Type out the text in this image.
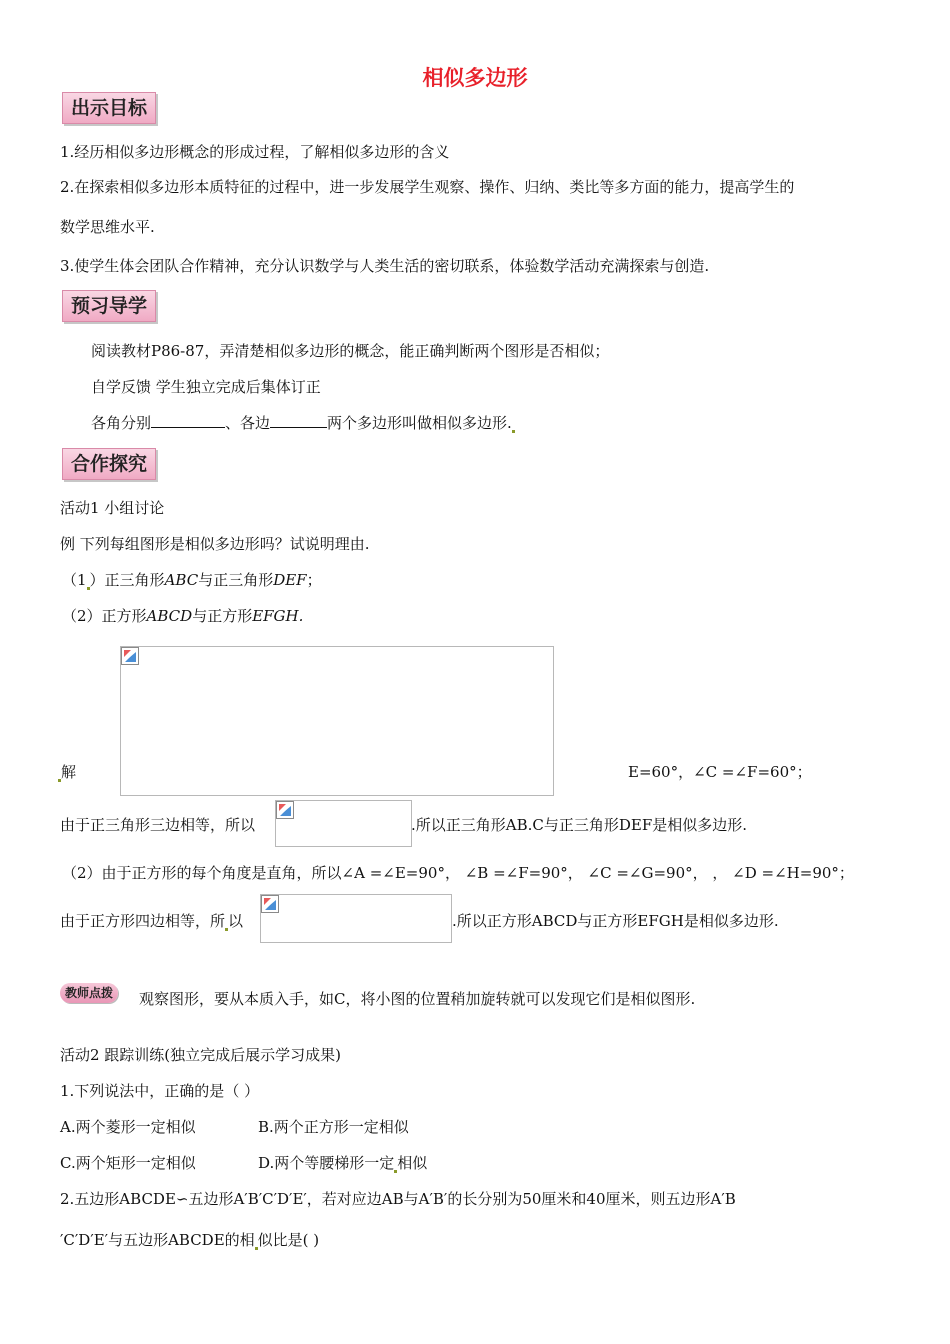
相似多边形
出示目标
1.经历相似多边形概念的形成过程，了解相似多边形的含义
2.在探索相似多边形本质特征的过程中，进一步发展学生观察、操作、归纳、类比等多方面的能力，提高学生的
数学思维水平.
3.使学生体会团队合作精神，充分认识数学与人类生活的密切联系，体验数学活动充满探索与创造.
预习导学
阅读教材P86-87，弄清楚相似多边形的概念，能正确判断两个图形是否相似；
自学反馈 学生独立完成后集体订正
各角分别	、各边	两个多边形叫做相似多边形.
合作探究
活动1 小组讨论
例 下列每组图形是相似多边形吗？试说明理由.
（1 ）正三角形ABC与正三角形DEF；
（2）正方形ABCD与正方形EFGH.
解	E=60°，∠C =∠F=60°；
由于正三角形三边相等，所以	.所以正三角形AB.C与正三角形DEF是相似多边形.
（2）由于正方形的每个角度是直角，所以∠A =∠E=90°， ∠B =∠F=90°， ∠C =∠G=90°， ， ∠D =∠H=90°；
由于正方形四边相等，所 以	.所以正方形ABCD与正方形EFGH是相似多边形.
教师点拨	观察图形，要从本质入手，如C，将小图的位置稍加旋转就可以发现它们是相似图形.
活动2 跟踪训练(独立完成后展示学习成果)
1.下列说法中，正确的是（ ）
A.两个菱形一定相似	B.两个正方形一定相似
C.两个矩形一定相似	D.两个等腰梯形一定 相似
2.五边形ABCDE∽五边形A′B′C′D′E′，若对应边AB与A′B′的长分别为50厘米和40厘米，则五边形A′B
′C′D′E′与五边形ABCDE的相 似比是( )
